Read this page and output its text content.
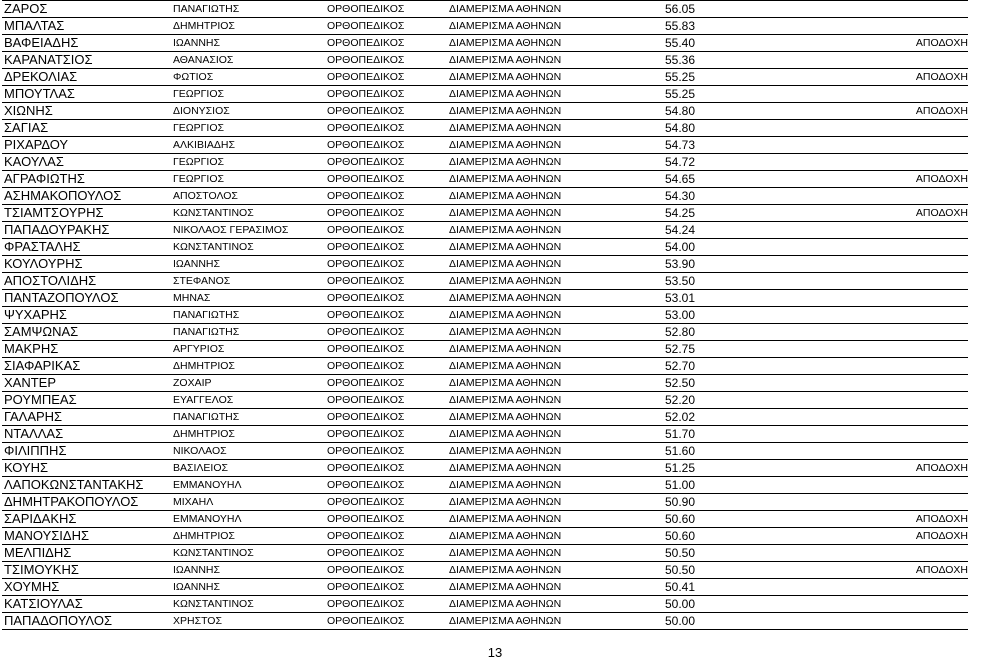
ΖΑΡΟΣ	ΠΑΝΑΓΙΩΤΗΣ	ΟΡΘΟΠΕΔΙΚΟΣ	ΔΙΑΜΕΡΙΣΜΑ ΑΘΗΝΩΝ	56.05	
ΜΠΑΛΤΑΣ	ΔΗΜΗΤΡΙΟΣ	ΟΡΘΟΠΕΔΙΚΟΣ	ΔΙΑΜΕΡΙΣΜΑ ΑΘΗΝΩΝ	55.83	
ΒΑΦΕΙΑΔΗΣ	ΙΩΑΝΝΗΣ	ΟΡΘΟΠΕΔΙΚΟΣ	ΔΙΑΜΕΡΙΣΜΑ ΑΘΗΝΩΝ	55.40	ΑΠΟΔΟΧΗ
ΚΑΡΑΝΑΤΣΙΟΣ	ΑΘΑΝΑΣΙΟΣ	ΟΡΘΟΠΕΔΙΚΟΣ	ΔΙΑΜΕΡΙΣΜΑ ΑΘΗΝΩΝ	55.36	
ΔΡΕΚΟΛΙΑΣ	ΦΩΤΙΟΣ	ΟΡΘΟΠΕΔΙΚΟΣ	ΔΙΑΜΕΡΙΣΜΑ ΑΘΗΝΩΝ	55.25	ΑΠΟΔΟΧΗ
ΜΠΟΥΤΛΑΣ	ΓΕΩΡΓΙΟΣ	ΟΡΘΟΠΕΔΙΚΟΣ	ΔΙΑΜΕΡΙΣΜΑ ΑΘΗΝΩΝ	55.25	
ΧΙΩΝΗΣ	ΔΙΟΝΥΣΙΟΣ	ΟΡΘΟΠΕΔΙΚΟΣ	ΔΙΑΜΕΡΙΣΜΑ ΑΘΗΝΩΝ	54.80	ΑΠΟΔΟΧΗ
ΣΑΓΙΑΣ	ΓΕΩΡΓΙΟΣ	ΟΡΘΟΠΕΔΙΚΟΣ	ΔΙΑΜΕΡΙΣΜΑ ΑΘΗΝΩΝ	54.80	
ΡΙΧΑΡΔΟΥ	ΑΛΚΙΒΙΑΔΗΣ	ΟΡΘΟΠΕΔΙΚΟΣ	ΔΙΑΜΕΡΙΣΜΑ ΑΘΗΝΩΝ	54.73	
ΚΑΟΥΛΑΣ	ΓΕΩΡΓΙΟΣ	ΟΡΘΟΠΕΔΙΚΟΣ	ΔΙΑΜΕΡΙΣΜΑ ΑΘΗΝΩΝ	54.72	
ΑΓΡΑΦΙΩΤΗΣ	ΓΕΩΡΓΙΟΣ	ΟΡΘΟΠΕΔΙΚΟΣ	ΔΙΑΜΕΡΙΣΜΑ ΑΘΗΝΩΝ	54.65	ΑΠΟΔΟΧΗ
ΑΣΗΜΑΚΟΠΟΥΛΟΣ	ΑΠΟΣΤΟΛΟΣ	ΟΡΘΟΠΕΔΙΚΟΣ	ΔΙΑΜΕΡΙΣΜΑ ΑΘΗΝΩΝ	54.30	
ΤΣΙΑΜΤΣΟΥΡΗΣ	ΚΩΝΣΤΑΝΤΙΝΟΣ	ΟΡΘΟΠΕΔΙΚΟΣ	ΔΙΑΜΕΡΙΣΜΑ ΑΘΗΝΩΝ	54.25	ΑΠΟΔΟΧΗ
ΠΑΠΑΔΟΥΡΑΚΗΣ	ΝΙΚΟΛΑΟΣ ΓΕΡΑΣΙΜΟΣ	ΟΡΘΟΠΕΔΙΚΟΣ	ΔΙΑΜΕΡΙΣΜΑ ΑΘΗΝΩΝ	54.24	
ΦΡΑΣΤΑΛΗΣ	ΚΩΝΣΤΑΝΤΙΝΟΣ	ΟΡΘΟΠΕΔΙΚΟΣ	ΔΙΑΜΕΡΙΣΜΑ ΑΘΗΝΩΝ	54.00	
ΚΟΥΛΟΥΡΗΣ	ΙΩΑΝΝΗΣ	ΟΡΘΟΠΕΔΙΚΟΣ	ΔΙΑΜΕΡΙΣΜΑ ΑΘΗΝΩΝ	53.90	
ΑΠΟΣΤΟΛΙΔΗΣ	ΣΤΕΦΑΝΟΣ	ΟΡΘΟΠΕΔΙΚΟΣ	ΔΙΑΜΕΡΙΣΜΑ ΑΘΗΝΩΝ	53.50	
ΠΑΝΤΑΖΟΠΟΥΛΟΣ	ΜΗΝΑΣ	ΟΡΘΟΠΕΔΙΚΟΣ	ΔΙΑΜΕΡΙΣΜΑ ΑΘΗΝΩΝ	53.01	
ΨΥΧΑΡΗΣ	ΠΑΝΑΓΙΩΤΗΣ	ΟΡΘΟΠΕΔΙΚΟΣ	ΔΙΑΜΕΡΙΣΜΑ ΑΘΗΝΩΝ	53.00	
ΣΑΜΨΩΝΑΣ	ΠΑΝΑΓΙΩΤΗΣ	ΟΡΘΟΠΕΔΙΚΟΣ	ΔΙΑΜΕΡΙΣΜΑ ΑΘΗΝΩΝ	52.80	
ΜΑΚΡΗΣ	ΑΡΓΥΡΙΟΣ	ΟΡΘΟΠΕΔΙΚΟΣ	ΔΙΑΜΕΡΙΣΜΑ ΑΘΗΝΩΝ	52.75	
ΣΙΑΦΑΡΙΚΑΣ	ΔΗΜΗΤΡΙΟΣ	ΟΡΘΟΠΕΔΙΚΟΣ	ΔΙΑΜΕΡΙΣΜΑ ΑΘΗΝΩΝ	52.70	
ΧΑΝΤΕΡ	ΖΟΧΑΙΡ	ΟΡΘΟΠΕΔΙΚΟΣ	ΔΙΑΜΕΡΙΣΜΑ ΑΘΗΝΩΝ	52.50	
ΡΟΥΜΠΕΑΣ	ΕΥΑΓΓΕΛΟΣ	ΟΡΘΟΠΕΔΙΚΟΣ	ΔΙΑΜΕΡΙΣΜΑ ΑΘΗΝΩΝ	52.20	
ΓΑΛΑΡΗΣ	ΠΑΝΑΓΙΩΤΗΣ	ΟΡΘΟΠΕΔΙΚΟΣ	ΔΙΑΜΕΡΙΣΜΑ ΑΘΗΝΩΝ	52.02	
ΝΤΑΛΛΑΣ	ΔΗΜΗΤΡΙΟΣ	ΟΡΘΟΠΕΔΙΚΟΣ	ΔΙΑΜΕΡΙΣΜΑ ΑΘΗΝΩΝ	51.70	
ΦΙΛΙΠΠΗΣ	ΝΙΚΟΛΑΟΣ	ΟΡΘΟΠΕΔΙΚΟΣ	ΔΙΑΜΕΡΙΣΜΑ ΑΘΗΝΩΝ	51.60	
ΚΟΥΗΣ	ΒΑΣΙΛΕΙΟΣ	ΟΡΘΟΠΕΔΙΚΟΣ	ΔΙΑΜΕΡΙΣΜΑ ΑΘΗΝΩΝ	51.25	ΑΠΟΔΟΧΗ
ΛΑΠΟΚΩΝΣΤΑΝΤΑΚΗΣ	ΕΜΜΑΝΟΥΗΛ	ΟΡΘΟΠΕΔΙΚΟΣ	ΔΙΑΜΕΡΙΣΜΑ ΑΘΗΝΩΝ	51.00	
ΔΗΜΗΤΡΑΚΟΠΟΥΛΟΣ	ΜΙΧΑΗΛ	ΟΡΘΟΠΕΔΙΚΟΣ	ΔΙΑΜΕΡΙΣΜΑ ΑΘΗΝΩΝ	50.90	
ΣΑΡΙΔΑΚΗΣ	ΕΜΜΑΝΟΥΗΛ	ΟΡΘΟΠΕΔΙΚΟΣ	ΔΙΑΜΕΡΙΣΜΑ ΑΘΗΝΩΝ	50.60	ΑΠΟΔΟΧΗ
ΜΑΝΟΥΣΙΔΗΣ	ΔΗΜΗΤΡΙΟΣ	ΟΡΘΟΠΕΔΙΚΟΣ	ΔΙΑΜΕΡΙΣΜΑ ΑΘΗΝΩΝ	50.60	ΑΠΟΔΟΧΗ
ΜΕΛΠΙΔΗΣ	ΚΩΝΣΤΑΝΤΙΝΟΣ	ΟΡΘΟΠΕΔΙΚΟΣ	ΔΙΑΜΕΡΙΣΜΑ ΑΘΗΝΩΝ	50.50	
ΤΣΙΜΟΥΚΗΣ	ΙΩΑΝΝΗΣ	ΟΡΘΟΠΕΔΙΚΟΣ	ΔΙΑΜΕΡΙΣΜΑ ΑΘΗΝΩΝ	50.50	ΑΠΟΔΟΧΗ
ΧΟΥΜΗΣ	ΙΩΑΝΝΗΣ	ΟΡΘΟΠΕΔΙΚΟΣ	ΔΙΑΜΕΡΙΣΜΑ ΑΘΗΝΩΝ	50.41	
ΚΑΤΣΙΟΥΛΑΣ	ΚΩΝΣΤΑΝΤΙΝΟΣ	ΟΡΘΟΠΕΔΙΚΟΣ	ΔΙΑΜΕΡΙΣΜΑ ΑΘΗΝΩΝ	50.00	
ΠΑΠΑΔΟΠΟΥΛΟΣ	ΧΡΗΣΤΟΣ	ΟΡΘΟΠΕΔΙΚΟΣ	ΔΙΑΜΕΡΙΣΜΑ ΑΘΗΝΩΝ	50.00	
13
